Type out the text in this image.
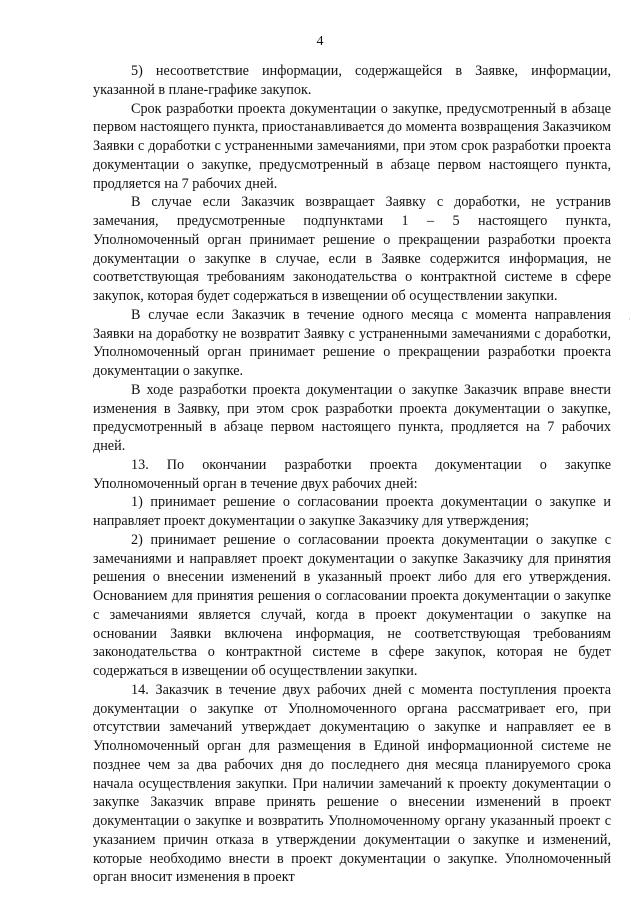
4

5) несоответствие информации, содержащейся в Заявке, информации, указанной в плане-графике закупок.

Срок разработки проекта документации о закупке, предусмотренный в абзаце первом настоящего пункта, приостанавливается до момента возвращения Заказчиком Заявки с доработки с устраненными замечаниями, при этом срок разработки проекта документации о закупке, предусмотренный в абзаце первом настоящего пункта, продляется на 7 рабочих дней.

В случае если Заказчик возвращает Заявку с доработки, не устранив замечания, предусмотренные подпунктами 1 – 5 настоящего пункта, Уполномоченный орган принимает решение о прекращении разработки проекта документации о закупке в случае, если в Заявке содержится информация, не соответствующая требованиям законодательства о контрактной системе в сфере закупок, которая будет содержаться в извещении об осуществлении закупки.

В случае если Заказчик в течение одного месяца с момента направления Заявки на доработку не возвратит Заявку с устраненными замечаниями с доработки, Уполномоченный орган принимает решение о прекращении разработки проекта документации о закупке.

В ходе разработки проекта документации о закупке Заказчик вправе внести изменения в Заявку, при этом срок разработки проекта документации о закупке, предусмотренный в абзаце первом настоящего пункта, продляется на 7 рабочих дней.

13. По окончании разработки проекта документации о закупке Уполномоченный орган в течение двух рабочих дней:

1) принимает решение о согласовании проекта документации о закупке и направляет проект документации о закупке Заказчику для утверждения;

2) принимает решение о согласовании проекта документации о закупке с замечаниями и направляет проект документации о закупке Заказчику для принятия решения о внесении изменений в указанный проект либо для его утверждения. Основанием для принятия решения о согласовании проекта документации о закупке с замечаниями является случай, когда в проект документации о закупке на основании Заявки включена информация, не соответствующая требованиям законодательства о контрактной системе в сфере закупок, которая не будет содержаться в извещении об осуществлении закупки.

14. Заказчик в течение двух рабочих дней с момента поступления проекта документации о закупке от Уполномоченного органа рассматривает его, при отсутствии замечаний утверждает документацию о закупке и направляет ее в Уполномоченный орган для размещения в Единой информационной системе не позднее чем за два рабочих дня до последнего дня месяца планируемого срока начала осуществления закупки. При наличии замечаний к проекту документации о закупке Заказчик вправе принять решение о внесении изменений в проект документации о закупке и возвратить Уполномоченному органу указанный проект с указанием причин отказа в утверждении документации о закупке и изменений, которые необходимо внести в проект документации о закупке. Уполномоченный орган вносит изменения в проект

˙
